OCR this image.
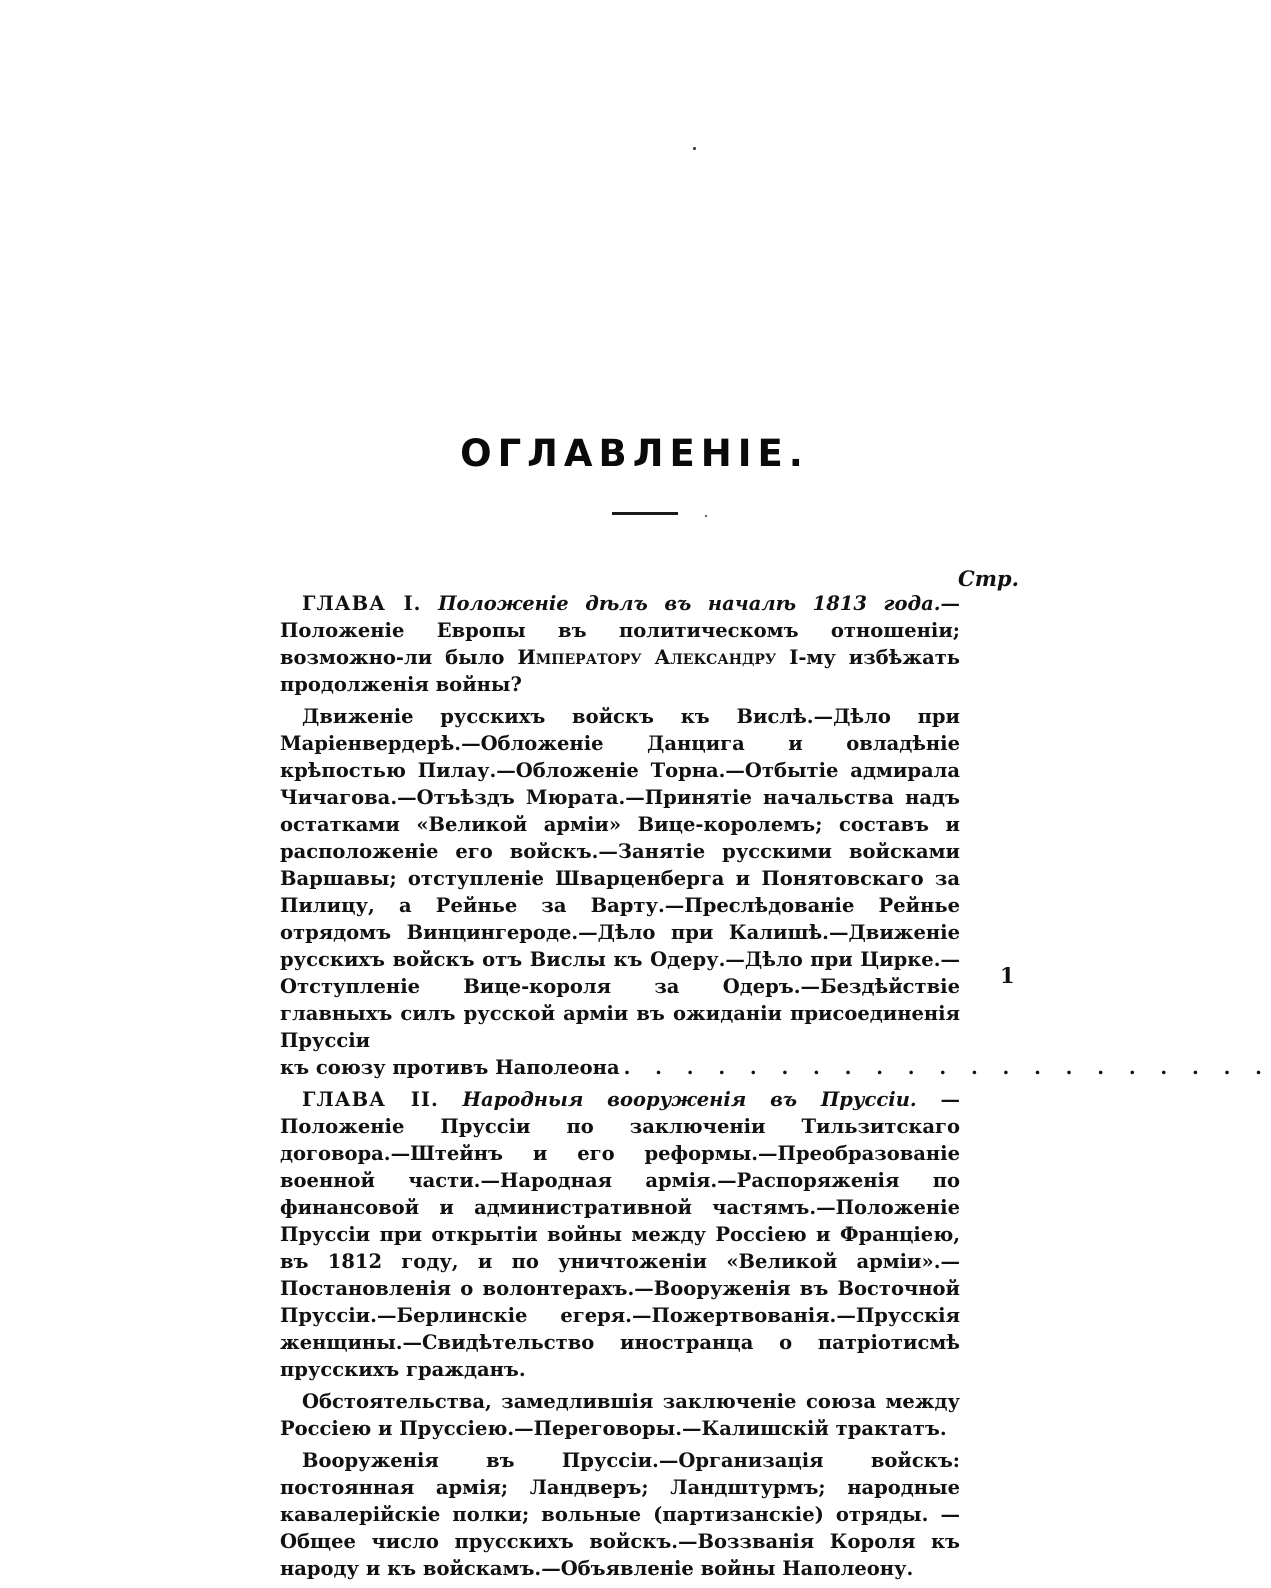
ОГЛАВЛЕНІЕ.
Стр.

ГЛАВА I. Положеніе дѣлъ въ началѣ 1813 года.—Положеніе Европы въ политическомъ отношеніи; возможно-ли было Императору Александру I-му избѣжать продолженія войны?

Движеніе русскихъ войскъ къ Вислѣ.—Дѣло при Маріенвердерѣ.—Обложеніе Данцига и овладѣніе крѣпостью Пилау.—Обложеніе Торна.—Отбытіе адмирала Чичагова.—Отъѣздъ Мюрата.—Принятіе начальства надъ остатками «Великой арміи» Вице-королемъ; составъ и расположеніе его войскъ.—Занятіе русскими войсками Варшавы; отступленіе Шварценберга и Понятовскаго за Пилицу, а Рейнье за Варту.—Преслѣдованіе Рейнье отрядомъ Винцингероде.—Дѣло при Калишѣ.—Движеніе русскихъ войскъ отъ Вислы къ Одеру.—Дѣло при Цирке.—Отступленіе Вице-короля за Одеръ.—Бездѣйствіе главныхъ силъ русской арміи въ ожиданіи присоединенія Пруссіи

къ союзу противъ Наполеона . . . . . . . . . . . . . . . . . . . . .

ГЛАВА II. Народныя вооруженія въ Пруссіи. — Положеніе Пруссіи по заключеніи Тильзитскаго договора.—Штейнъ и его реформы.—Преобразованіе военной части.—Народная армія.—Распоряженія по финансовой и административной частямъ.—Положеніе Пруссіи при открытіи войны между Россіею и Франціею, въ 1812 году, и по уничтоженіи «Великой арміи».—Постановленія о волонтерахъ.—Вооруженія въ Восточной Пруссіи.—Берлинскіе егеря.—Пожертвованія.—Прусскія женщины.—Свидѣтельство иностранца о патріотисмѣ прусскихъ гражданъ.

Обстоятельства, замедлившія заключеніе союза между Россіею и Пруссіею.—Переговоры.—Калишскій трактатъ.

Вооруженія въ Пруссіи.—Организація войскъ: постоянная армія; Ландверъ; Ландштурмъ; народные кавалерійскіе полки; вольные (партизанскіе) отряды. — Общее число прусскихъ войскъ.—Воззванія Короля къ народу и къ войскамъ.—Объявленіе войны Наполеону.

1
